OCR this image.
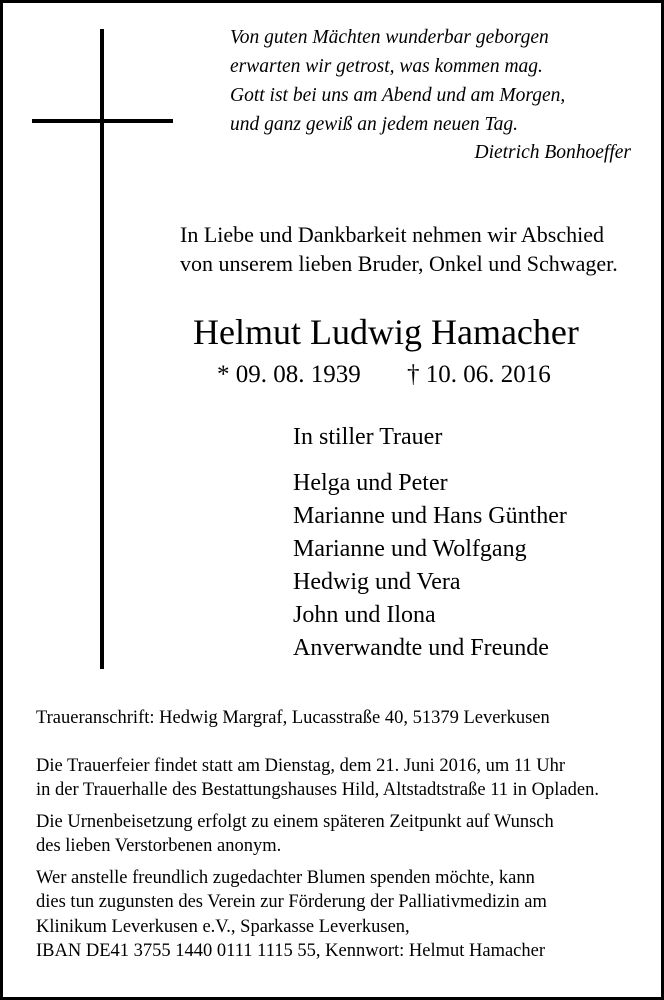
Von guten Mächten wunderbar geborgen
erwarten wir getrost, was kommen mag.
Gott ist bei uns am Abend und am Morgen,
und ganz gewiß an jedem neuen Tag.
Dietrich Bonhoeffer
In Liebe und Dankbarkeit nehmen wir Abschied
von unserem lieben Bruder, Onkel und Schwager.
Helmut Ludwig Hamacher
* 09. 08. 1939 † 10. 06. 2016
In stiller Trauer
Helga und Peter
Marianne und Hans Günther
Marianne und Wolfgang
Hedwig und Vera
John und Ilona
Anverwandte und Freunde

Traueranschrift: Hedwig Margraf, Lucasstraße 40, 51379 Leverkusen

Die Trauerfeier findet statt am Dienstag, dem 21. Juni 2016, um 11 Uhr

in der Trauerhalle des Bestattungshauses Hild, Altstadtstraße 11 in Opladen.

Die Urnenbeisetzung erfolgt zu einem späteren Zeitpunkt auf Wunsch

des lieben Verstorbenen anonym.

Wer anstelle freundlich zugedachter Blumen spenden möchte, kann

dies tun zugunsten des Verein zur Förderung der Palliativmedizin am

Klinikum Leverkusen e.V., Sparkasse Leverkusen,

IBAN DE41 3755 1440 0111 1115 55, Kennwort: Helmut Hamacher
